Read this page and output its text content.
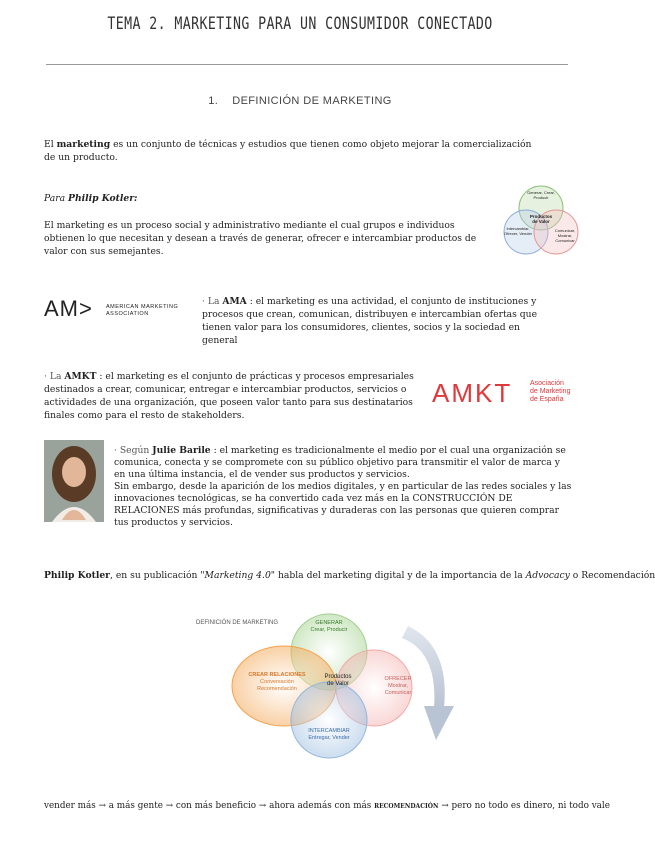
TEMA 2. MARKETING PARA UN CONSUMIDOR CONECTADO
1. DEFINICIÓN DE MARKETING
El marketing es un conjunto de técnicas y estudios que tienen como objeto mejorar la comercialización de un producto.
Para Philip Kotler:
El marketing es un proceso social y administrativo mediante el cual grupos e individuos obtienen lo que necesitan y desean a través de generar, ofrecer e intercambiar productos de valor con sus semejantes.
Generar, Crear, Producir
Productos de Valor
Intercambiar, Ofrecer, Vender
Comunicar, Mostrar, Comunicar
AM> AMERICAN MARKETING
ASSOCIATION
· La AMA : el marketing es una actividad, el conjunto de instituciones y procesos que crean, comunican, distribuyen e intercambian ofertas que tienen valor para los consumidores, clientes, socios y la sociedad en general
· La AMKT : el marketing es el conjunto de prácticas y procesos empresariales destinados a crear, comunicar, entregar e intercambiar productos, servicios o actividades de una organización, que poseen valor tanto para sus destinatarios finales como para el resto de stakeholders.
AMKT	Asociación
de Marketing
de España
· Según Julie Barile : el marketing es tradicionalmente el medio por el cual una organización se comunica, conecta y se compromete con su público objetivo para transmitir el valor de marca y en una última instancia, el de vender sus productos y servicios.
Sin embargo, desde la aparición de los medios digitales, y en particular de las redes sociales y las innovaciones tecnológicas, se ha convertido cada vez más en la CONSTRUCCIÓN DE RELACIONES más profundas, significativas y duraderas con las personas que quieren comprar tus productos y servicios.
Philip Kotler, en su publicación "Marketing 4.0" habla del marketing digital y de la importancia de la Advocacy o Recomendación
DEFINICIÓN DE MARKETING	GENERAR
Crear, Producir
CREAR RELACIONES
Conversación
Recomendación
OFRECER
Mostrar,
Comunicar
INTERCAMBIAR
Entregar, Vender
Productos
de Valor
vender más → a más gente → con más beneficio → ahora además con más recomendación → pero no todo es dinero, ni todo vale
